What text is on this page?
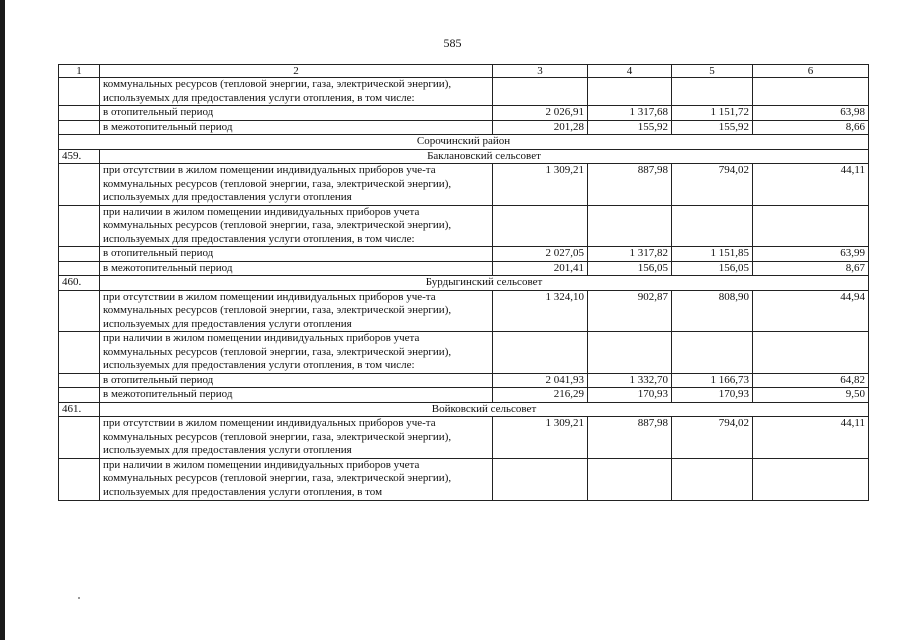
585
1	2	3	4	5	6
	коммунальных ресурсов (тепловой энергии, газа, электрической энергии), используемых для предоставления услуги отопления, в том числе:				
	в отопительный период	2 026,91	1 317,68	1 151,72	63,98
	в межотопительный период	201,28	155,92	155,92	8,66
Сорочинский район					
459.	Баклановский сельсовет				
	при отсутствии в жилом помещении индивидуальных приборов уче-та коммунальных ресурсов (тепловой энергии, газа, электрической энергии), используемых для предоставления услуги отопления	1 309,21	887,98	794,02	44,11
	при наличии в жилом помещении индивидуальных приборов учета коммунальных ресурсов (тепловой энергии, газа, электрической энергии), используемых для предоставления услуги отопления, в том числе:				
	в отопительный период	2 027,05	1 317,82	1 151,85	63,99
	в межотопительный период	201,41	156,05	156,05	8,67
460.	Бурдыгинский сельсовет				
	при отсутствии в жилом помещении индивидуальных приборов уче-та коммунальных ресурсов (тепловой энергии, газа, электрической энергии), используемых для предоставления услуги отопления	1 324,10	902,87	808,90	44,94
	при наличии в жилом помещении индивидуальных приборов учета коммунальных ресурсов (тепловой энергии, газа, электрической энергии), используемых для предоставления услуги отопления, в том числе:				
	в отопительный период	2 041,93	1 332,70	1 166,73	64,82
	в межотопительный период	216,29	170,93	170,93	9,50
461.	Войковский сельсовет				
	при отсутствии в жилом помещении индивидуальных приборов уче-та коммунальных ресурсов (тепловой энергии, газа, электрической энергии), используемых для предоставления услуги отопления	1 309,21	887,98	794,02	44,11
	при наличии в жилом помещении индивидуальных приборов учета коммунальных ресурсов (тепловой энергии, газа, электрической энергии), используемых для предоставления услуги отопления, в том				
